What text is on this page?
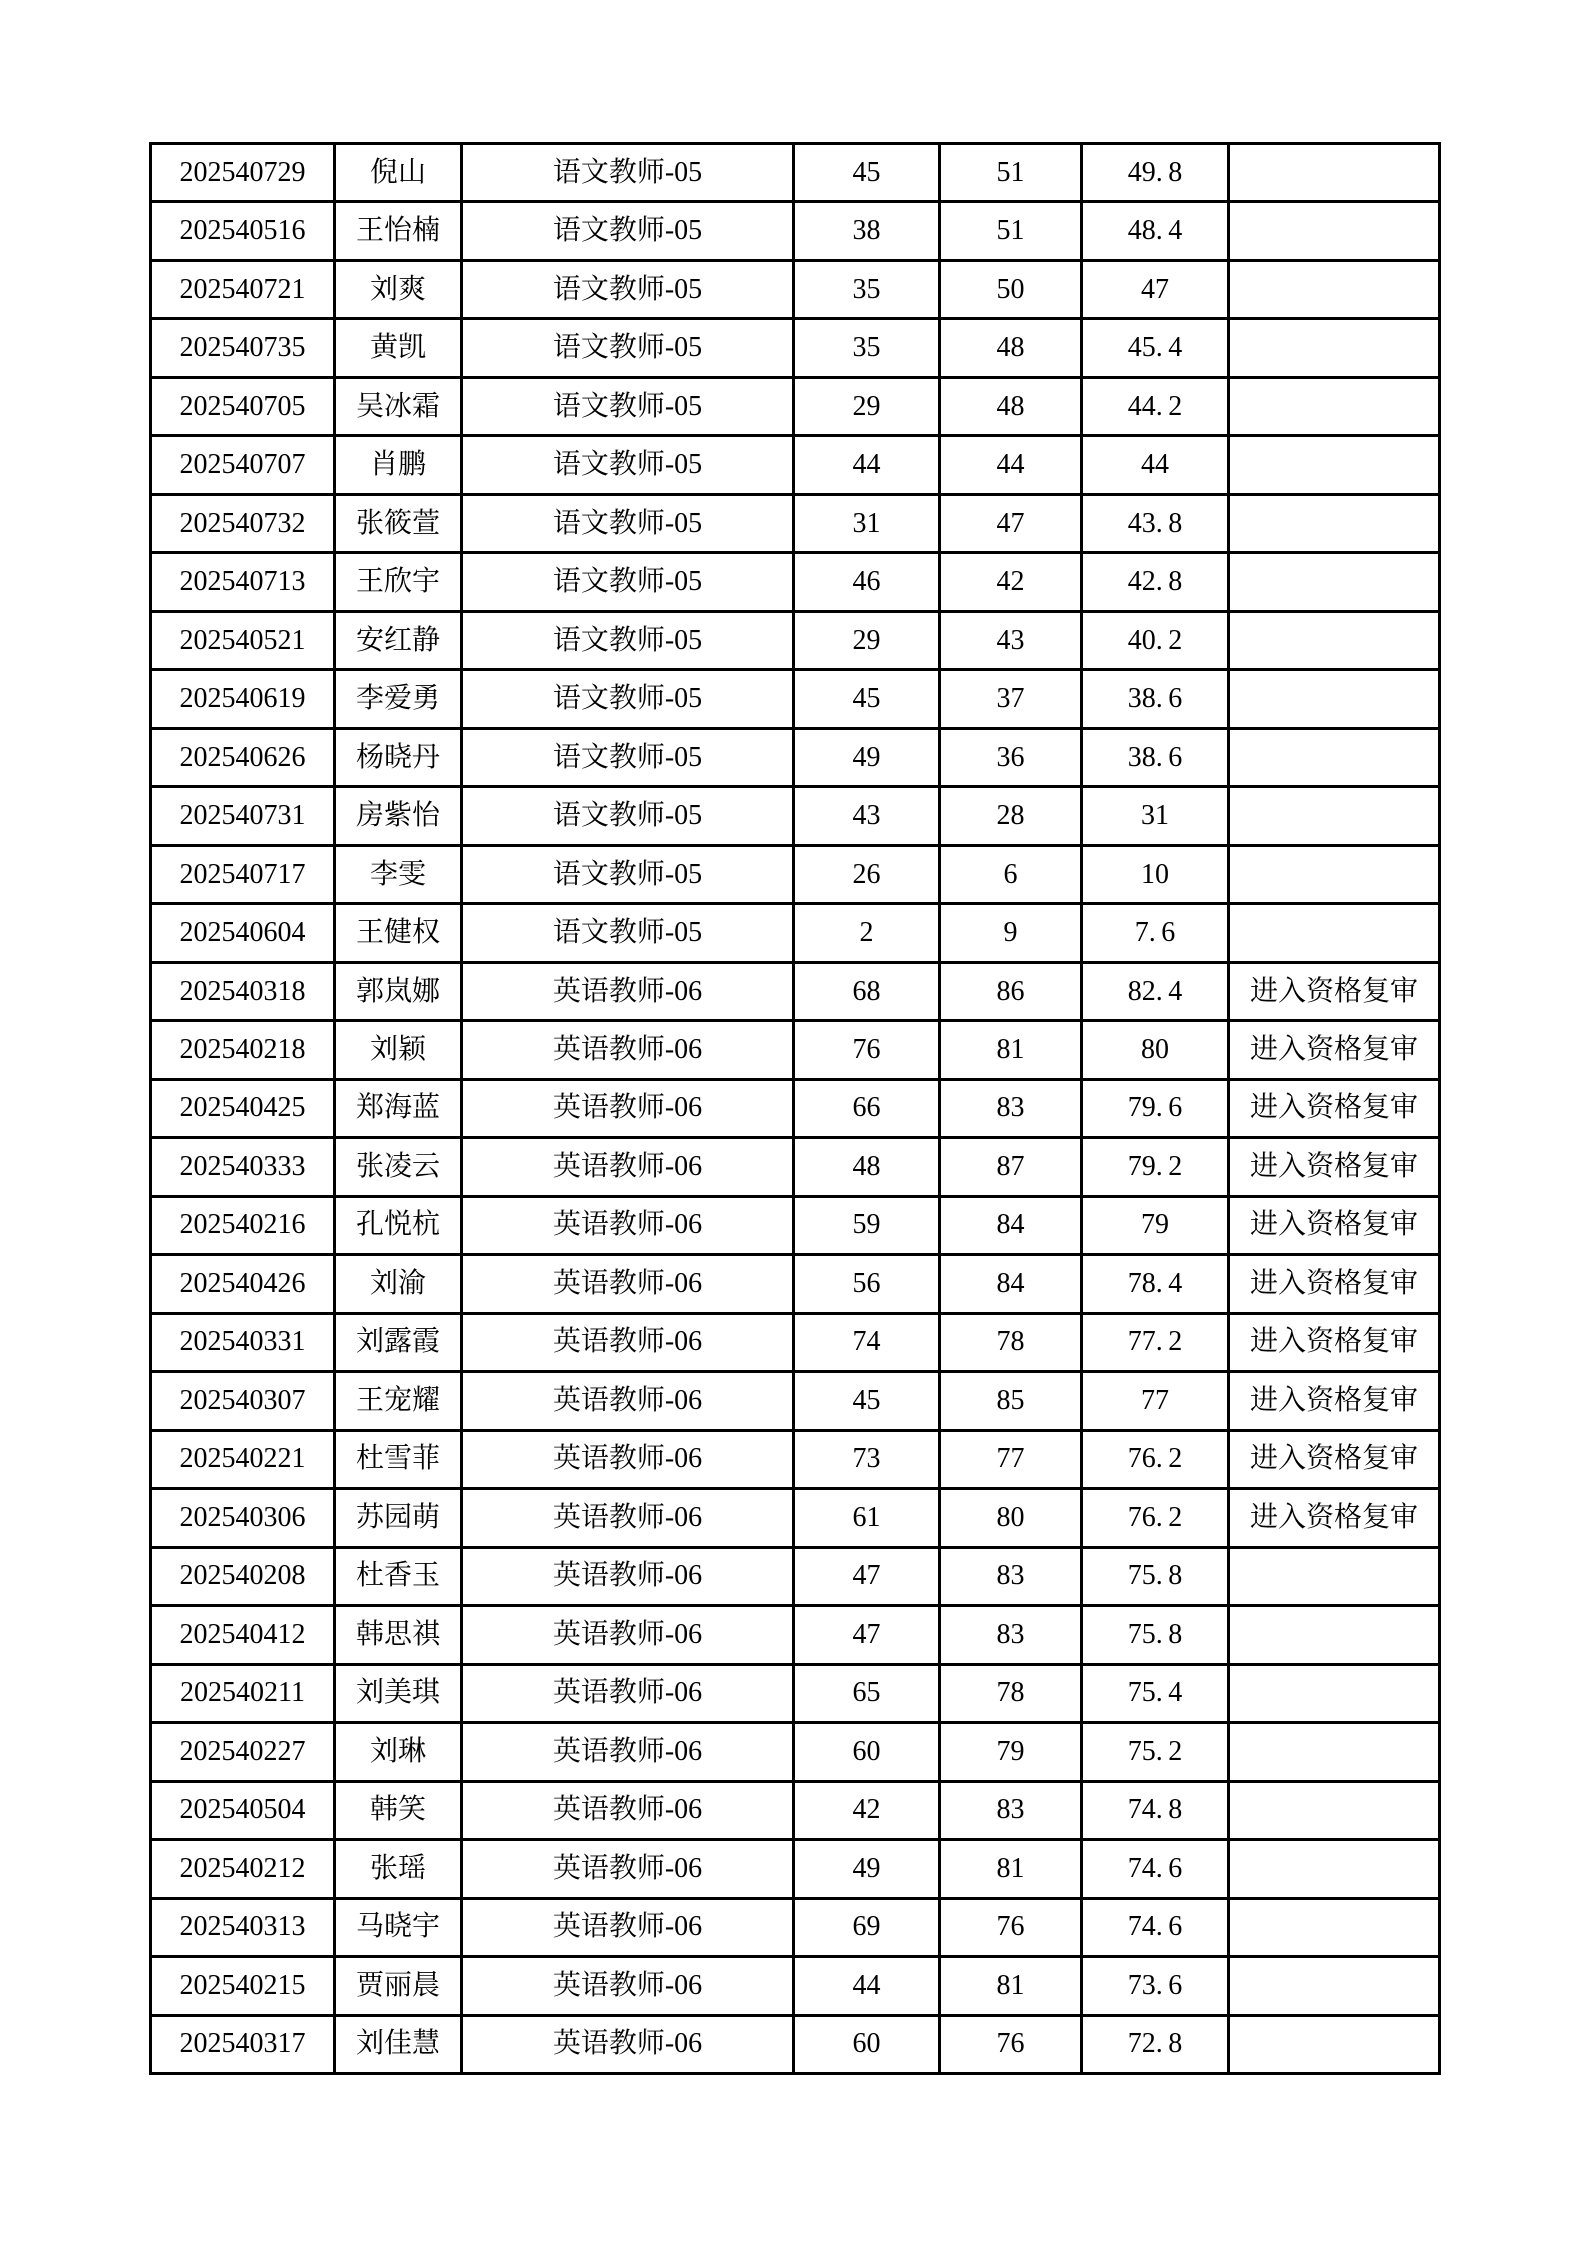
202540729	倪山	语文教师-05	45	51	49. 8	
202540516	王怡楠	语文教师-05	38	51	48. 4	
202540721	刘爽	语文教师-05	35	50	47	
202540735	黄凯	语文教师-05	35	48	45. 4	
202540705	吴冰霜	语文教师-05	29	48	44. 2	
202540707	肖鹏	语文教师-05	44	44	44	
202540732	张筱萱	语文教师-05	31	47	43. 8	
202540713	王欣宇	语文教师-05	46	42	42. 8	
202540521	安红静	语文教师-05	29	43	40. 2	
202540619	李爱勇	语文教师-05	45	37	38. 6	
202540626	杨晓丹	语文教师-05	49	36	38. 6	
202540731	房紫怡	语文教师-05	43	28	31	
202540717	李雯	语文教师-05	26	6	10	
202540604	王健权	语文教师-05	2	9	7. 6	
202540318	郭岚娜	英语教师-06	68	86	82. 4	进入资格复审
202540218	刘颖	英语教师-06	76	81	80	进入资格复审
202540425	郑海蓝	英语教师-06	66	83	79. 6	进入资格复审
202540333	张凌云	英语教师-06	48	87	79. 2	进入资格复审
202540216	孔悦杭	英语教师-06	59	84	79	进入资格复审
202540426	刘渝	英语教师-06	56	84	78. 4	进入资格复审
202540331	刘露霞	英语教师-06	74	78	77. 2	进入资格复审
202540307	王宠耀	英语教师-06	45	85	77	进入资格复审
202540221	杜雪菲	英语教师-06	73	77	76. 2	进入资格复审
202540306	苏园萌	英语教师-06	61	80	76. 2	进入资格复审
202540208	杜香玉	英语教师-06	47	83	75. 8	
202540412	韩思祺	英语教师-06	47	83	75. 8	
202540211	刘美琪	英语教师-06	65	78	75. 4	
202540227	刘琳	英语教师-06	60	79	75. 2	
202540504	韩笑	英语教师-06	42	83	74. 8	
202540212	张瑶	英语教师-06	49	81	74. 6	
202540313	马晓宇	英语教师-06	69	76	74. 6	
202540215	贾丽晨	英语教师-06	44	81	73. 6	
202540317	刘佳慧	英语教师-06	60	76	72. 8	
